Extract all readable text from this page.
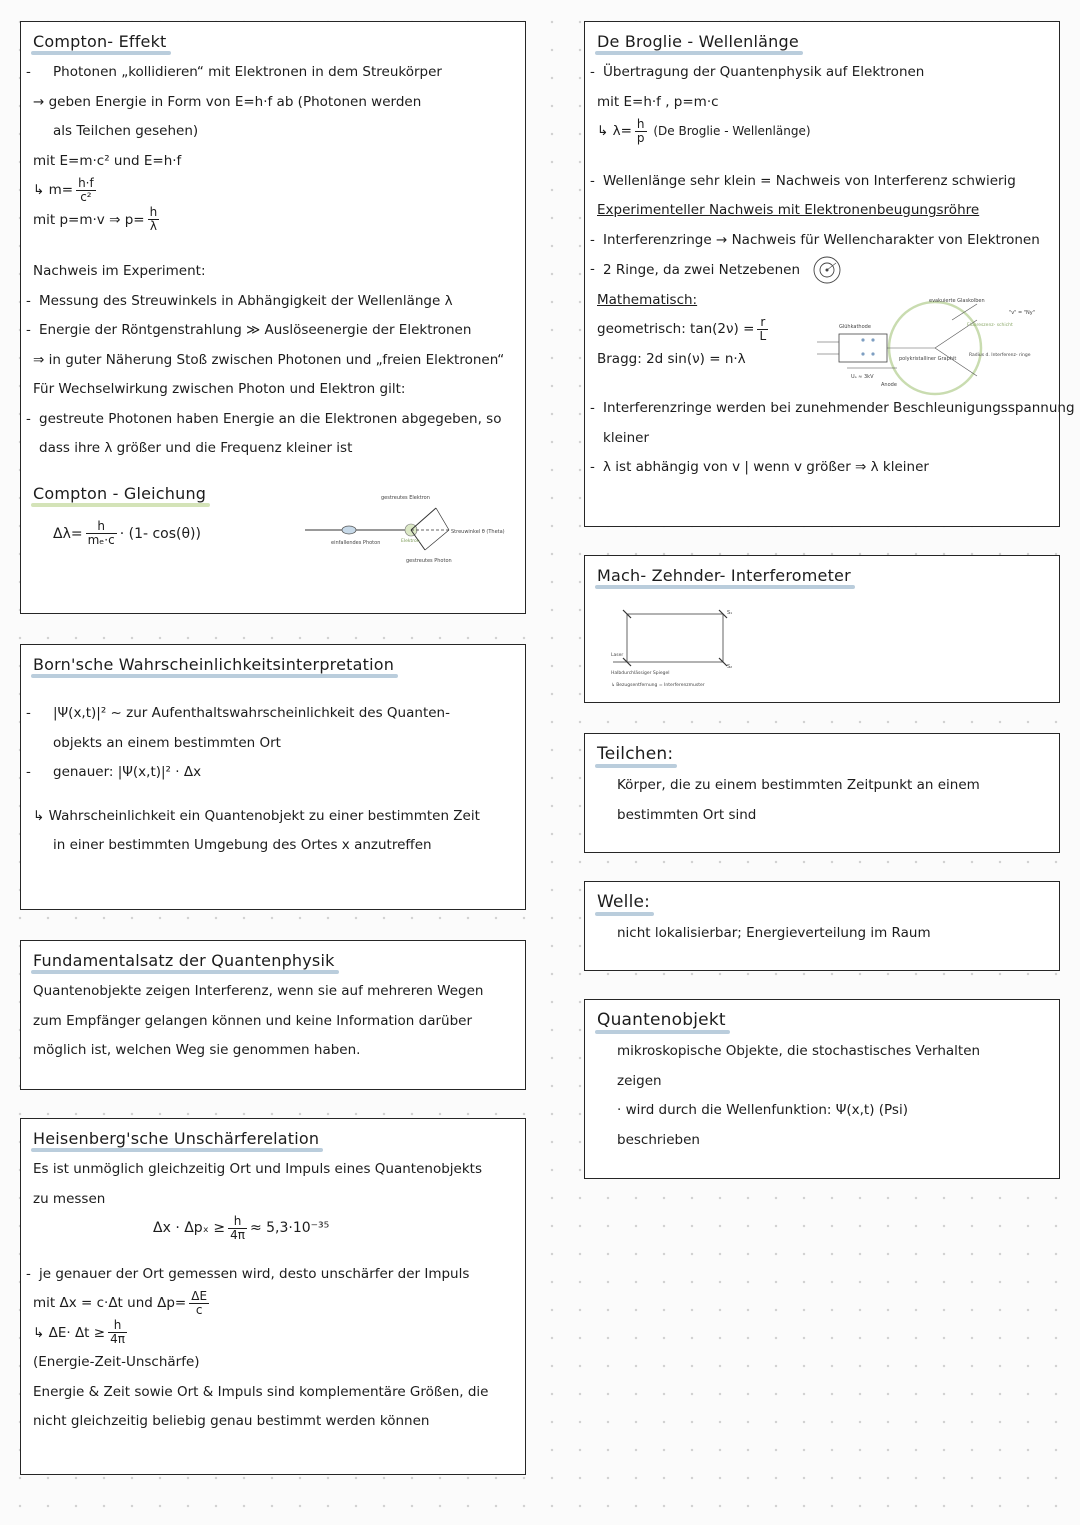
Compton- Effekt
- Photonen „kollidieren“ mit Elektronen in dem Streukörper
→ geben Energie in Form von E=h·f ab (Photonen werden
als Teilchen gesehen)
mit E=m·c² und E=h·f
↳ $m= \frac{h\cdot f}{\text{c²}}$
mit p=m·v ⇒ $p= \frac{h}{\lambda}$
Nachweis im Experiment:
- Messung des Streuwinkels in Abhängigkeit der Wellenlänge λ
- Energie der Röntgenstrahlung ≫ Auslöseenergie der Elektronen
⇒ in guter Näherung Stoß zwischen Photonen und „freien Elektronen“
Für Wechselwirkung zwischen Photon und Elektron gilt:
- gestreute Photonen haben Energie an die Elektronen abgegeben, so
dass ihre λ größer und die Frequenz kleiner ist
Compton - Gleichung
$\Delta\lambda= \frac{h}{\text{mₑ·c}} \cdot (1-$ cos(θ))
einfallendes Photon
gestreutes Elektron
gestreutes Photon
Elektron
Streuwinkel θ (Theta)
Born'sche Wahrscheinlichkeitsinterpretation
- |Ψ(x,t)|² ~ zur Aufenthaltswahrscheinlichkeit des Quanten-
objekts an einem bestimmten Ort
- genauer: |Ψ(x,t)|² · Δx
↳ Wahrscheinlichkeit ein Quantenobjekt zu einer bestimmten Zeit
in einer bestimmten Umgebung des Ortes x anzutreffen
Fundamentalsatz der Quantenphysik
Quantenobjekte zeigen Interferenz, wenn sie auf mehreren Wegen
zum Empfänger gelangen können und keine Information darüber
möglich ist, welchen Weg sie genommen haben.
Heisenberg'sche Unschärferelation
Es ist unmöglich gleichzeitig Ort und Impuls eines Quantenobjekts
zu messen
$\Delta x \cdot \Delta p_x \ge \frac{h}{4\pi} \approx 5,3\cdot 10^{-35}$
- je genauer der Ort gemessen wird, desto unschärfer der Impuls
mit Δx = c·Δt und $\Delta p= \frac{\Delta E}{c}$
↳ $\Delta E\cdot \Delta t \ge \frac{h}{4\pi}$
(Energie-Zeit-Unschärfe)
Energie & Zeit sowie Ort & Impuls sind komplementäre Größen, die
nicht gleichzeitig beliebig genau bestimmt werden können
De Broglie - Wellenlänge
- Übertragung der Quantenphysik auf Elektronen
mit E=h·f , p=m·c
↳ $\lambda= \frac{h}{p} (De$ Broglie - Wellenlänge)
- Wellenlänge sehr klein = Nachweis von Interferenz schwierig
Experimenteller Nachweis mit Elektronenbeugungsröhre
- Interferenzringe → Nachweis für Wellencharakter von Elektronen
- 2 Ringe, da zwei Netzebenen
Mathematisch:
geometrisch: $\tan(2\nu) = \frac{r}{L}$
Bragg: 2d sin(ν) = n·λ
- Interferenzringe werden bei zunehmender Beschleunigungsspannung
kleiner
- λ ist abhängig von v | wenn v größer ⇒ λ kleiner
evakuierte Glaskolben
"ν" = "Ny"
Glühkathode	Fluoreszenz- schicht
polykristalliner Graphit
Radius d. Interferenz- ringe
Uₐ ≈ 3kV
Anode
Mach- Zehnder- Interferometer
S₁
S₂
Laser
Halbdurchlässiger Spiegel
↳ Bezugsentfernung = Interferenzmuster
Teilchen:
Körper, die zu einem bestimmten Zeitpunkt an einem
bestimmten Ort sind
Welle:
nicht lokalisierbar; Energieverteilung im Raum
Quantenobjekt
mikroskopische Objekte, die stochastisches Verhalten
zeigen
· wird durch die Wellenfunktion: Ψ(x,t) (Psi)
beschrieben
